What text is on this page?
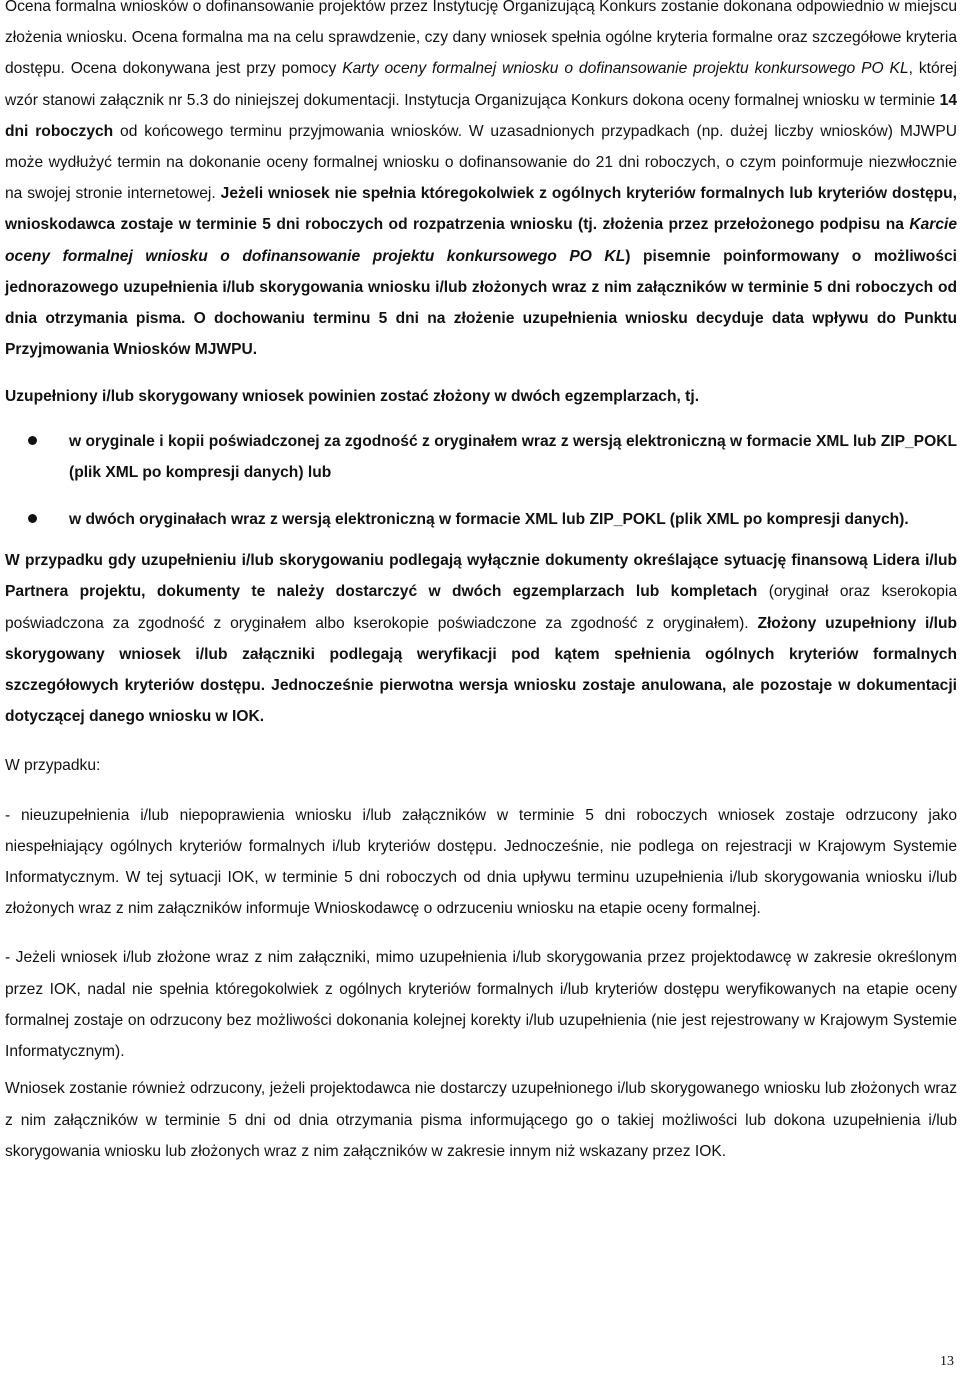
Ocena formalna wniosków o dofinansowanie projektów przez Instytucję Organizującą Konkurs zostanie dokonana odpowiednio w miejscu złożenia wniosku. Ocena formalna ma na celu sprawdzenie, czy dany wniosek spełnia ogólne kryteria formalne oraz szczegółowe kryteria dostępu. Ocena dokonywana jest przy pomocy Karty oceny formalnej wniosku o dofinansowanie projektu konkursowego PO KL, której wzór stanowi załącznik nr 5.3 do niniejszej dokumentacji. Instytucja Organizująca Konkurs dokona oceny formalnej wniosku w terminie 14 dni roboczych od końcowego terminu przyjmowania wniosków. W uzasadnionych przypadkach (np. dużej liczby wniosków) MJWPU może wydłużyć termin na dokonanie oceny formalnej wniosku o dofinansowanie do 21 dni roboczych, o czym poinformuje niezwłocznie na swojej stronie internetowej. Jeżeli wniosek nie spełnia któregokolwiek z ogólnych kryteriów formalnych lub kryteriów dostępu, wnioskodawca zostaje w terminie 5 dni roboczych od rozpatrzenia wniosku (tj. złożenia przez przełożonego podpisu na Karcie oceny formalnej wniosku o dofinansowanie projektu konkursowego PO KL) pisemnie poinformowany o możliwości jednorazowego uzupełnienia i/lub skorygowania wniosku i/lub złożonych wraz z nim załączników w terminie 5 dni roboczych od dnia otrzymania pisma. O dochowaniu terminu 5 dni na złożenie uzupełnienia wniosku decyduje data wpływu do Punktu Przyjmowania Wniosków MJWPU.

Uzupełniony i/lub skorygowany wniosek powinien zostać złożony w dwóch egzemplarzach, tj.

w oryginale i kopii poświadczonej za zgodność z oryginałem wraz z wersją elektroniczną w formacie XML lub ZIP_POKL (plik XML po kompresji danych) lub
w dwóch oryginałach wraz z wersją elektroniczną w formacie XML lub ZIP_POKL (plik XML po kompresji danych).

W przypadku gdy uzupełnieniu i/lub skorygowaniu podlegają wyłącznie dokumenty określające sytuację finansową Lidera i/lub Partnera projektu, dokumenty te należy dostarczyć w dwóch egzemplarzach lub kompletach (oryginał oraz kserokopia poświadczona za zgodność z oryginałem albo kserokopie poświadczone za zgodność z oryginałem). Złożony uzupełniony i/lub skorygowany wniosek i/lub załączniki podlegają weryfikacji pod kątem spełnienia ogólnych kryteriów formalnych szczegółowych kryteriów dostępu. Jednocześnie pierwotna wersja wniosku zostaje anulowana, ale pozostaje w dokumentacji dotyczącej danego wniosku w IOK.

W przypadku:

- nieuzupełnienia i/lub niepoprawienia wniosku i/lub załączników w terminie 5 dni roboczych wniosek zostaje odrzucony jako niespełniający ogólnych kryteriów formalnych i/lub kryteriów dostępu. Jednocześnie, nie podlega on rejestracji w Krajowym Systemie Informatycznym. W tej sytuacji IOK, w terminie 5 dni roboczych od dnia upływu terminu uzupełnienia i/lub skorygowania wniosku i/lub złożonych wraz z nim załączników informuje Wnioskodawcę o odrzuceniu wniosku na etapie oceny formalnej.

- Jeżeli wniosek i/lub złożone wraz z nim załączniki, mimo uzupełnienia i/lub skorygowania przez projektodawcę w zakresie określonym przez IOK, nadal nie spełnia któregokolwiek z ogólnych kryteriów formalnych i/lub kryteriów dostępu weryfikowanych na etapie oceny formalnej zostaje on odrzucony bez możliwości dokonania kolejnej korekty i/lub uzupełnienia (nie jest rejestrowany w Krajowym Systemie Informatycznym).

Wniosek zostanie również odrzucony, jeżeli projektodawca nie dostarczy uzupełnionego i/lub skorygowanego wniosku lub złożonych wraz z nim załączników w terminie 5 dni od dnia otrzymania pisma informującego go o takiej możliwości lub dokona uzupełnienia i/lub skorygowania wniosku lub złożonych wraz z nim załączników w zakresie innym niż wskazany przez IOK.

13
